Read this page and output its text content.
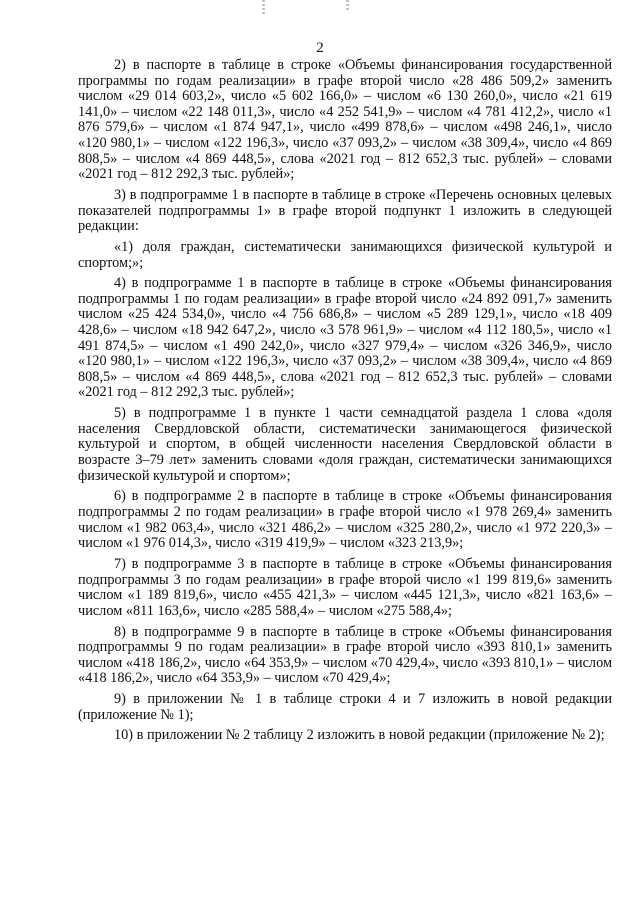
2

2) в паспорте в таблице в строке «Объемы финансирования государственной программы по годам реализации» в графе второй число «28 486 509,2» заменить числом «29 014 603,2», число «5 602 166,0» – числом «6 130 260,0», число «21 619 141,0» – числом «22 148 011,3», число «4 252 541,9» – числом «4 781 412,2», число «1 876 579,6» – числом «1 874 947,1», число «499 878,6» – числом «498 246,1», число «120 980,1» – числом «122 196,3», число «37 093,2» – числом «38 309,4», число «4 869 808,5» – числом «4 869 448,5», слова «2021 год – 812 652,3 тыс. рублей» – словами «2021 год – 812 292,3 тыс. рублей»;

3) в подпрограмме 1 в паспорте в таблице в строке «Перечень основных целевых показателей подпрограммы 1» в графе второй подпункт 1 изложить в следующей редакции:

«1) доля граждан, систематически занимающихся физической культурой и спортом;»;

4) в подпрограмме 1 в паспорте в таблице в строке «Объемы финансирования подпрограммы 1 по годам реализации» в графе второй число «24 892 091,7» заменить числом «25 424 534,0», число «4 756 686,8» – числом «5 289 129,1», число «18 409 428,6» – числом «18 942 647,2», число «3 578 961,9» – числом «4 112 180,5», число «1 491 874,5» – числом «1 490 242,0», число «327 979,4» – числом «326 346,9», число «120 980,1» – числом «122 196,3», число «37 093,2» – числом «38 309,4», число «4 869 808,5» – числом «4 869 448,5», слова «2021 год – 812 652,3 тыс. рублей» – словами «2021 год – 812 292,3 тыс. рублей»;

5) в подпрограмме 1 в пункте 1 части семнадцатой раздела 1 слова «доля населения Свердловской области, систематически занимающегося физической культурой и спортом, в общей численности населения Свердловской области в возрасте 3–79 лет» заменить словами «доля граждан, систематически занимающихся физической культурой и спортом»;

6) в подпрограмме 2 в паспорте в таблице в строке «Объемы финансирования подпрограммы 2 по годам реализации» в графе второй число «1 978 269,4» заменить числом «1 982 063,4», число «321 486,2» – числом «325 280,2», число «1 972 220,3» – числом «1 976 014,3», число «319 419,9» – числом «323 213,9»;

7) в подпрограмме 3 в паспорте в таблице в строке «Объемы финансирования подпрограммы 3 по годам реализации» в графе второй число «1 199 819,6» заменить числом «1 189 819,6», число «455 421,3» – числом «445 121,3», число «821 163,6» – числом «811 163,6», число «285 588,4» – числом «275 588,4»;

8) в подпрограмме 9 в паспорте в таблице в строке «Объемы финансирования подпрограммы 9 по годам реализации» в графе второй число «393 810,1» заменить числом «418 186,2», число «64 353,9» – числом «70 429,4», число «393 810,1» – числом «418 186,2», число «64 353,9» – числом «70 429,4»;

9) в приложении № 1 в таблице строки 4 и 7 изложить в новой редакции (приложение № 1);

10) в приложении № 2 таблицу 2 изложить в новой редакции (приложение № 2);
